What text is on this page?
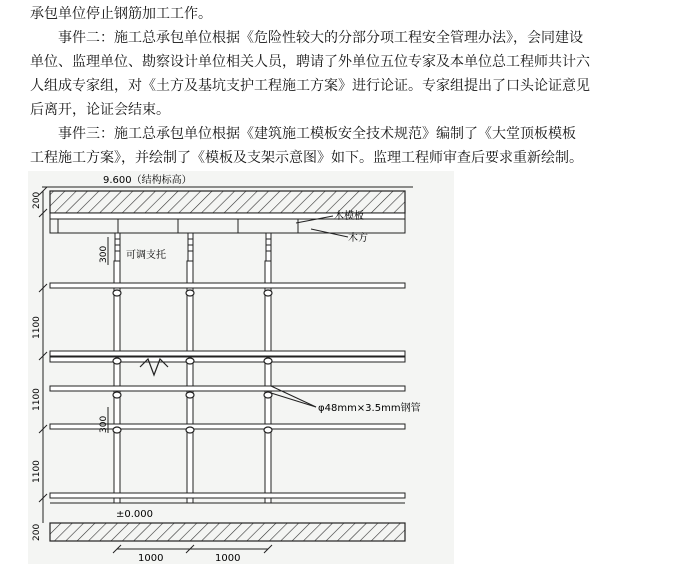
承包单位停止钢筋加工工作。
事件二：施工总承包单位根据《危险性较大的分部分项工程安全管理办法》，会同建设
单位、监理单位、勘察设计单位相关人员，聘请了外单位五位专家及本单位总工程师共计六
人组成专家组，对《土方及基坑支护工程施工方案》进行论证。专家组提出了口头论证意见
后离开，论证会结束。
事件三：施工总承包单位根据《建筑施工模板安全技术规范》编制了《大堂顶板模板
工程施工方案》，并绘制了《模板及支架示意图》如下。监理工程师审查后要求重新绘制。
9.600（结构标高）
木模板
木方
可调支托
φ48mm×3.5mm钢管
±0.000
200
1100
1100
1100
200
300
300
1000	1000
